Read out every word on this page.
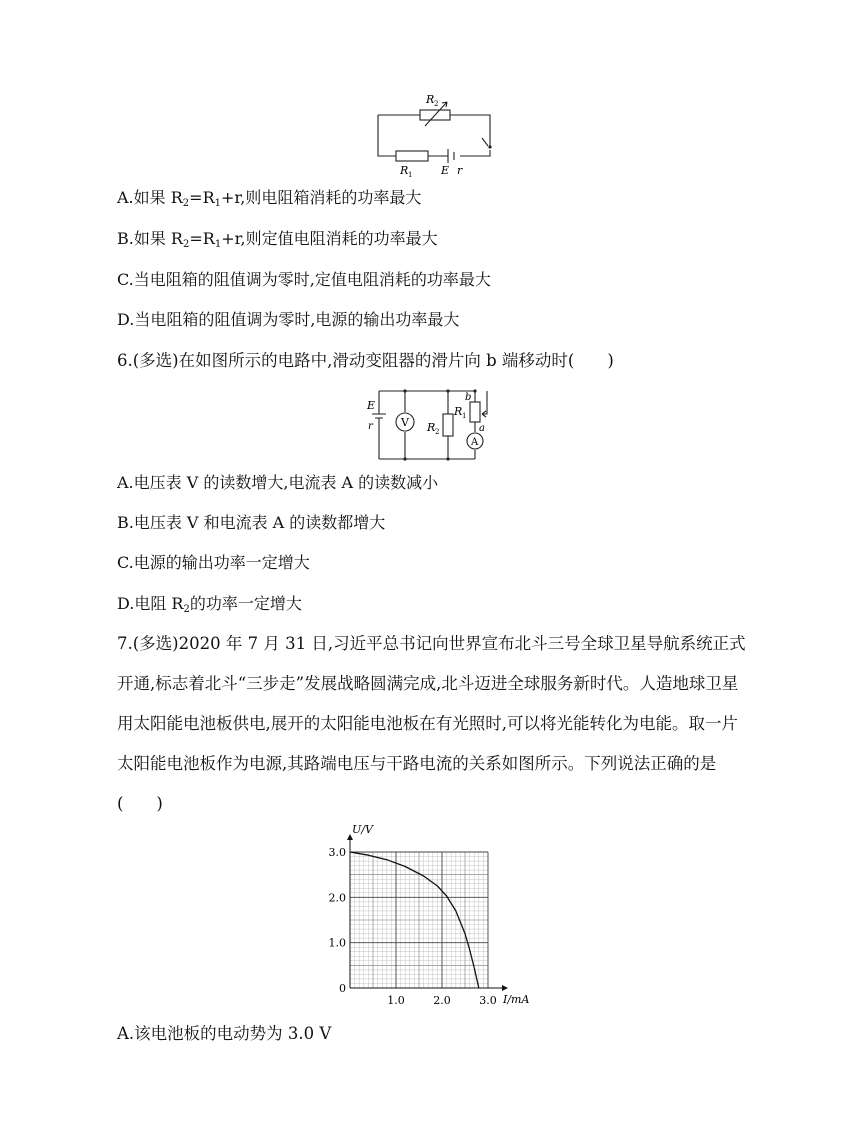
R 2
R 1	E r
A.如果 $R_2=R_1+r$,则电阻箱消耗的功率最大
B.如果 $R_2=R_1+r$,则定值电阻消耗的功率最大
C.当电阻箱的阻值调为零时,定值电阻消耗的功率最大
D.当电阻箱的阻值调为零时,电源的输出功率最大
6.(多选)在如图所示的电路中,滑动变阻器的滑片向 b 端移动时(　　)
E
r	V R 2
R 1
b
a
A
A.电压表 V 的读数增大,电流表 A 的读数减小
B.电压表 V 和电流表 A 的读数都增大
C.电源的输出功率一定增大
D.电阻 $R_2$的功率一定增大
7.(多选)2020 年 7 月 31 日,习近平总书记向世界宣布北斗三号全球卫星导航系统正式开通,标志着北斗“三步走”发展战略圆满完成,北斗迈进全球服务新时代。人造地球卫星用太阳能电池板供电,展开的太阳能电池板在有光照时,可以将光能转化为电能。取一片太阳能电池板作为电源,其路端电压与干路电流的关系如图所示。下列说法正确的是(　　)
1.0	2.0	3.0
0
1.0
2.0
3.0
U/V
I/mA
A.该电池板的电动势为 3.0 V
